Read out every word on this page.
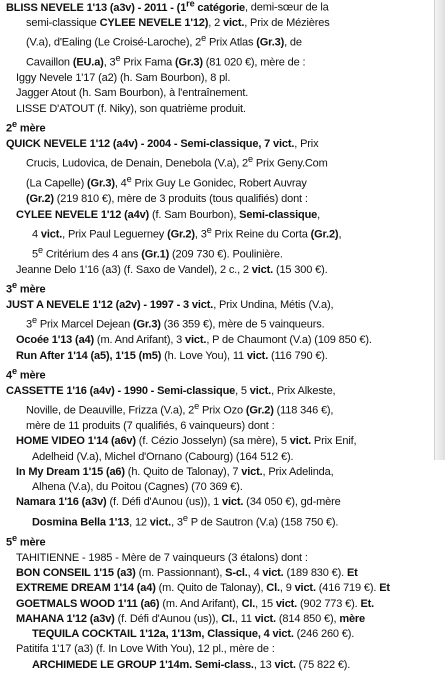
BLISS NEVELE 1'13 (a3v) - 2011 - (1re catégorie, demi-sœur de la
semi-classique CYLEE NEVELE 1'12), 2 vict., Prix de Mézières
(V.a), d'Ealing (Le Croisé-Laroche), 2e Prix Atlas (Gr.3), de
Cavaillon (EU.a), 3e Prix Fama (Gr.3) (81 020 €), mère de :
Iggy Nevele 1'17 (a2) (h. Sam Bourbon), 8 pl.
Jagger Atout (h. Sam Bourbon), à l'entraînement.
LISSE D'ATOUT (f. Niky), son quatrième produit.
2e mère
QUICK NEVELE 1'12 (a4v) - 2004 - Semi-classique, 7 vict., Prix
Crucis, Ludovica, de Denain, Denebola (V.a), 2e Prix Geny.Com
(La Capelle) (Gr.3), 4e Prix Guy Le Gonidec, Robert Auvray
(Gr.2) (219 810 €), mère de 3 produits (tous qualifiés) dont :
CYLEE NEVELE 1'12 (a4v) (f. Sam Bourbon), Semi-classique,
4 vict., Prix Paul Leguerney (Gr.2), 3e Prix Reine du Corta (Gr.2),
5e Critérium des 4 ans (Gr.1) (209 730 €). Poulinière.
Jeanne Delo 1'16 (a3) (f. Saxo de Vandel), 2 c., 2 vict. (15 300 €).
3e mère
JUST A NEVELE 1'12 (a2v) - 1997 - 3 vict., Prix Undina, Métis (V.a),
3e Prix Marcel Dejean (Gr.3) (36 359 €), mère de 5 vainqueurs.
Ocoée 1'13 (a4) (m. And Arifant), 3 vict., P de Chaumont (V.a) (109 850 €).
Run After 1'14 (a5), 1'15 (m5) (h. Love You), 11 vict. (116 790 €).
4e mère
CASSETTE 1'16 (a4v) - 1990 - Semi-classique, 5 vict., Prix Alkeste,
Noville, de Deauville, Frizza (V.a), 2e Prix Ozo (Gr.2) (118 346 €),
mère de 11 produits (7 qualifiés, 6 vainqueurs) dont :
HOME VIDEO 1'14 (a6v) (f. Cézio Josselyn) (sa mère), 5 vict. Prix Enif,
Adelheid (V.a), Michel d'Ornano (Cabourg) (164 512 €).
In My Dream 1'15 (a6) (h. Quito de Talonay), 7 vict., Prix Adelinda,
Alhena (V.a), du Poitou (Cagnes) (70 369 €).
Namara 1'16 (a3v) (f. Défi d'Aunou (us)), 1 vict. (34 050 €), gd-mère
Dosmina Bella 1'13, 12 vict., 3e P de Sautron (V.a) (158 750 €).
5e mère
TAHITIENNE - 1985 - Mère de 7 vainqueurs (3 étalons) dont :
BON CONSEIL 1'15 (a3) (m. Passionnant), S-cl., 4 vict. (189 830 €). Et
EXTREME DREAM 1'14 (a4) (m. Quito de Talonay), Cl., 9 vict. (416 719 €). Et
GOETMALS WOOD 1'11 (a6) (m. And Arifant), Cl., 15 vict. (902 773 €). Et.
MAHANA 1'12 (a3v) (f. Défi d'Aunou (us)), Cl., 11 vict. (814 850 €), mère
TEQUILA COCKTAIL 1'12a, 1'13m, Classique, 4 vict. (246 260 €).
Patitifa 1'17 (a3) (f. In Love With You), 12 pl., mère de :
ARCHIMEDE LE GROUP 1'14m. Semi-class., 13 vict. (75 822 €).
